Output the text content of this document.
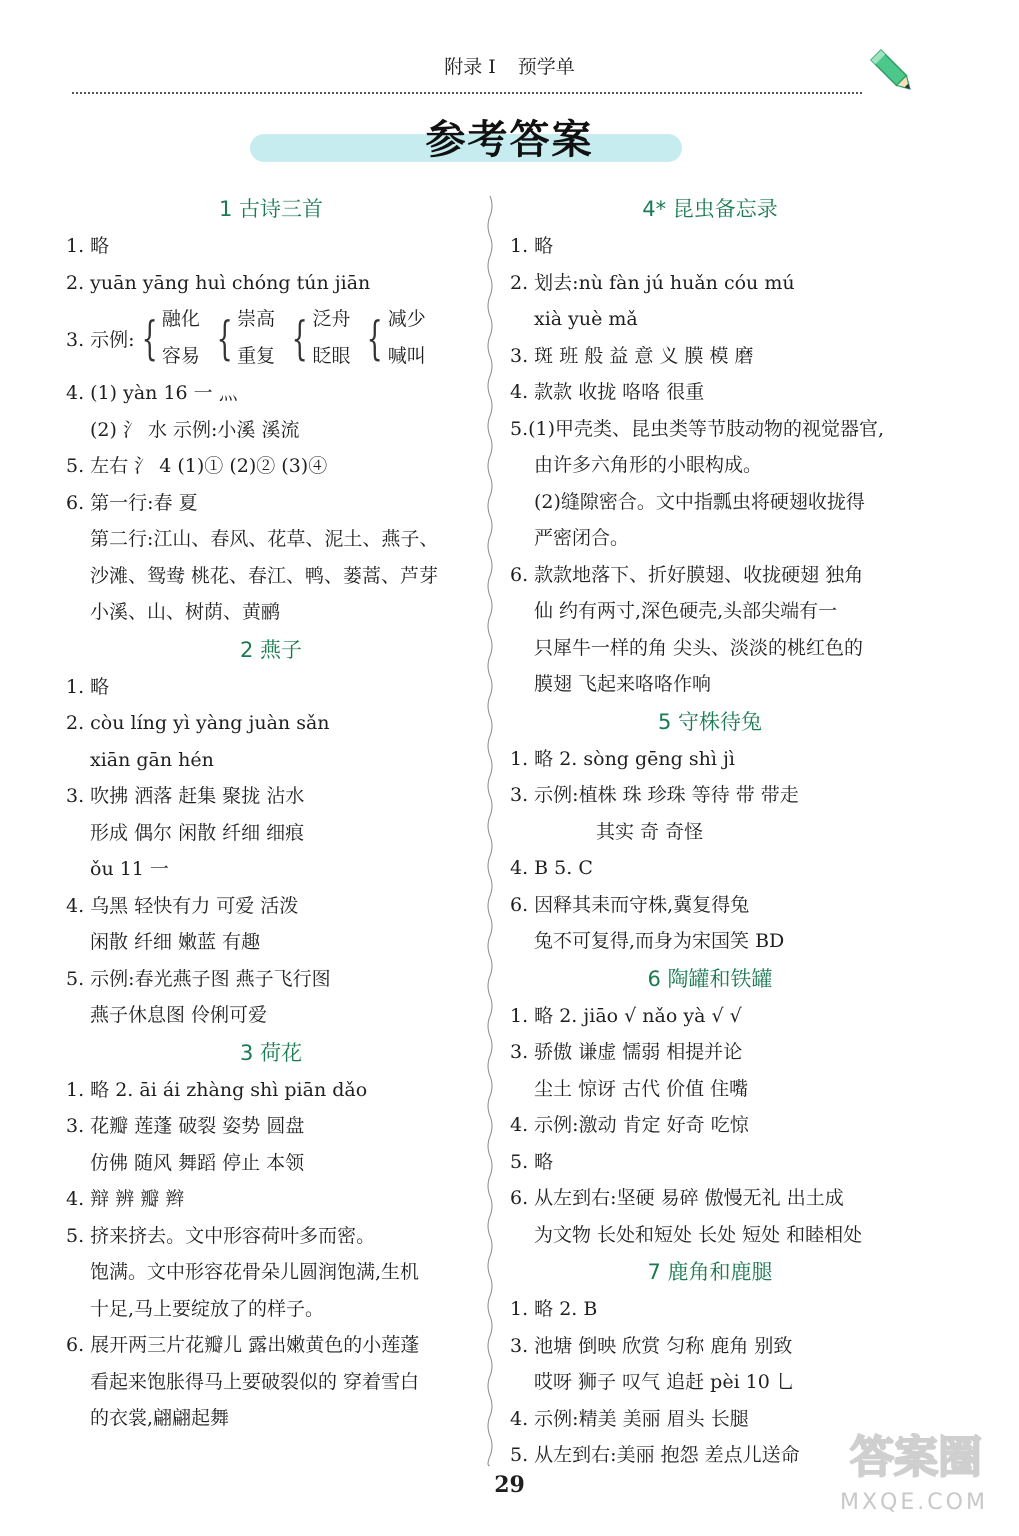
附录 I 预学单
参考答案
1 古诗三首
1. 略
2. yuān yāng huì chóng tún jiān
3. 示例: { 融化
容易 { 崇高
重复 { 泛舟
眨眼 { 减少
喊叫
4. (1) yàn 16 一 灬
(2) 氵 水 示例:小溪 溪流
5. 左右 氵 4 (1)① (2)② (3)④
6. 第一行:春 夏
第二行:江山、春风、花草、泥土、燕子、
沙滩、鸳鸯 桃花、春江、鸭、蒌蒿、芦芽
小溪、山、树荫、黄鹂
2 燕子
1. 略
2. còu líng yì yàng juàn sǎn
xiān gān hén
3. 吹拂 洒落 赶集 聚拢 沾水
形成 偶尔 闲散 纤细 细痕
ǒu 11 一
4. 乌黑 轻快有力 可爱 活泼
闲散 纤细 嫩蓝 有趣
5. 示例:春光燕子图 燕子飞行图
燕子休息图 伶俐可爱
3 荷花
1. 略 2. āi ái zhàng shì piān dǎo
3. 花瓣 莲蓬 破裂 姿势 圆盘
仿佛 随风 舞蹈 停止 本领
4. 辩 辨 瓣 辫
5. 挤来挤去。文中形容荷叶多而密。
饱满。文中形容花骨朵儿圆润饱满,生机
十足,马上要绽放了的样子。
6. 展开两三片花瓣儿 露出嫩黄色的小莲蓬
看起来饱胀得马上要破裂似的 穿着雪白
的衣裳,翩翩起舞
4* 昆虫备忘录
1. 略
2. 划去:nù fàn jú huǎn cóu mú
xià yuè mǎ
3. 斑 班 般 益 意 义 膜 模 磨
4. 款款 收拢 咯咯 很重
5.(1)甲壳类、昆虫类等节肢动物的视觉器官,
由许多六角形的小眼构成。
(2)缝隙密合。文中指瓢虫将硬翅收拢得
严密闭合。
6. 款款地落下、折好膜翅、收拢硬翅 独角
仙 约有两寸,深色硬壳,头部尖端有一
只犀牛一样的角 尖头、淡淡的桃红色的
膜翅 飞起来咯咯作响
5 守株待兔
1. 略 2. sòng gēng shì jì
3. 示例:植株 珠 珍珠 等待 带 带走
其实 奇 奇怪
4. B 5. C
6. 因释其耒而守株,冀复得兔
兔不可复得,而身为宋国笑 BD
6 陶罐和铁罐
1. 略 2. jiāo √ nǎo yà √ √
3. 骄傲 谦虚 懦弱 相提并论
尘土 惊讶 古代 价值 住嘴
4. 示例:激动 肯定 好奇 吃惊
5. 略
6. 从左到右:坚硬 易碎 傲慢无礼 出土成
为文物 长处和短处 长处 短处 和睦相处
7 鹿角和鹿腿
1. 略 2. B
3. 池塘 倒映 欣赏 匀称 鹿角 别致
哎呀 狮子 叹气 追赶 pèi 10 乚
4. 示例:精美 美丽 眉头 长腿
5. 从左到右:美丽 抱怨 差点儿送命
29
答案圈
MXQE.COM
